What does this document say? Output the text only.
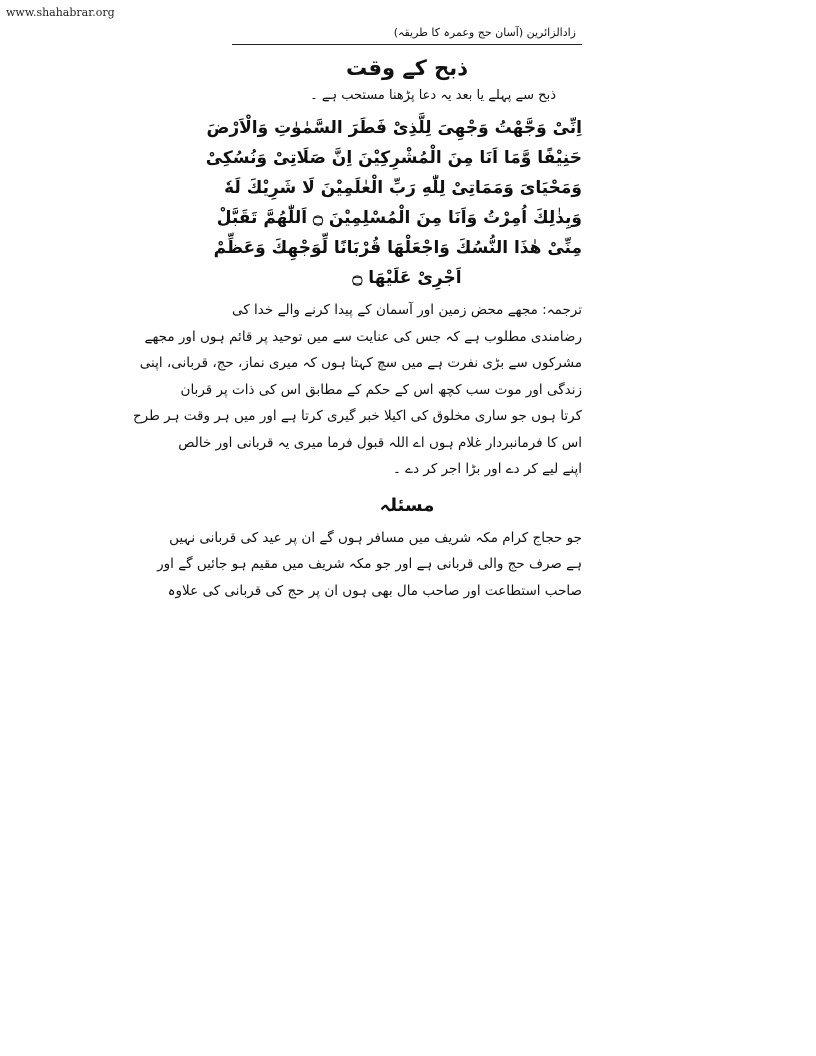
www.shahabrar.org
زادالزائرین (آسان حج وعمرہ کا طریقہ)
ذبح کے وقت
ذبح سے پہلے یا بعد یہ دعا پڑھنا مستحب ہے ۔
اِنِّیْ وَجَّهْتُ وَجْهِیَ لِلَّذِیْ فَطَرَ السَّمٰوٰتِ وَالْاَرْضَ
حَنِیْفًا وَّمَا اَنَا مِنَ الْمُشْرِكِیْنَ اِنَّ صَلَاتِیْ وَنُسُكِیْ
وَمَحْیَایَ وَمَمَاتِیْ لِلّٰهِ رَبِّ الْعٰلَمِیْنَ لَا شَرِیْكَ لَهٗ
وَبِذٰلِكَ اُمِرْتُ وَاَنَا مِنَ الْمُسْلِمِیْنَ ۝ اَللّٰهُمَّ تَقَبَّلْ
مِنِّیْ هٰذَا النُّسُكَ وَاجْعَلْهَا قُرْبَانًا لِّوَجْهِكَ وَعَظِّمْ
اَجْرِیْ عَلَیْهَا ۝
ترجمہ: مجھے محض زمین اور آسمان کے پیدا کرنے والے خدا کی
رضامندی مطلوب ہے کہ جس کی عنایت سے میں توحید پر قائم ہوں اور مجھے
مشرکوں سے بڑی نفرت ہے میں سچ کہتا ہوں کہ میری نماز، حج، قربانی، اپنی
زندگی اور موت سب کچھ اس کے حکم کے مطابق اس کی ذات پر قربان
کرتا ہوں جو ساری مخلوق کی اکیلا خبر گیری کرتا ہے اور میں ہر وقت ہر طرح
اس کا فرمانبردار غلام ہوں اے اللہ قبول فرما میری یہ قربانی اور خالص
اپنے لیے کر دے اور بڑا اجر کر دے ۔
مسئلہ
جو حجاج کرام مکہ شریف میں مسافر ہوں گے ان پر عید کی قربانی نہیں
ہے صرف حج والی قربانی ہے اور جو مکہ شریف میں مقیم ہو جائیں گے اور
صاحب استطاعت اور صاحب مال بھی ہوں ان پر حج کی قربانی کی علاوہ
